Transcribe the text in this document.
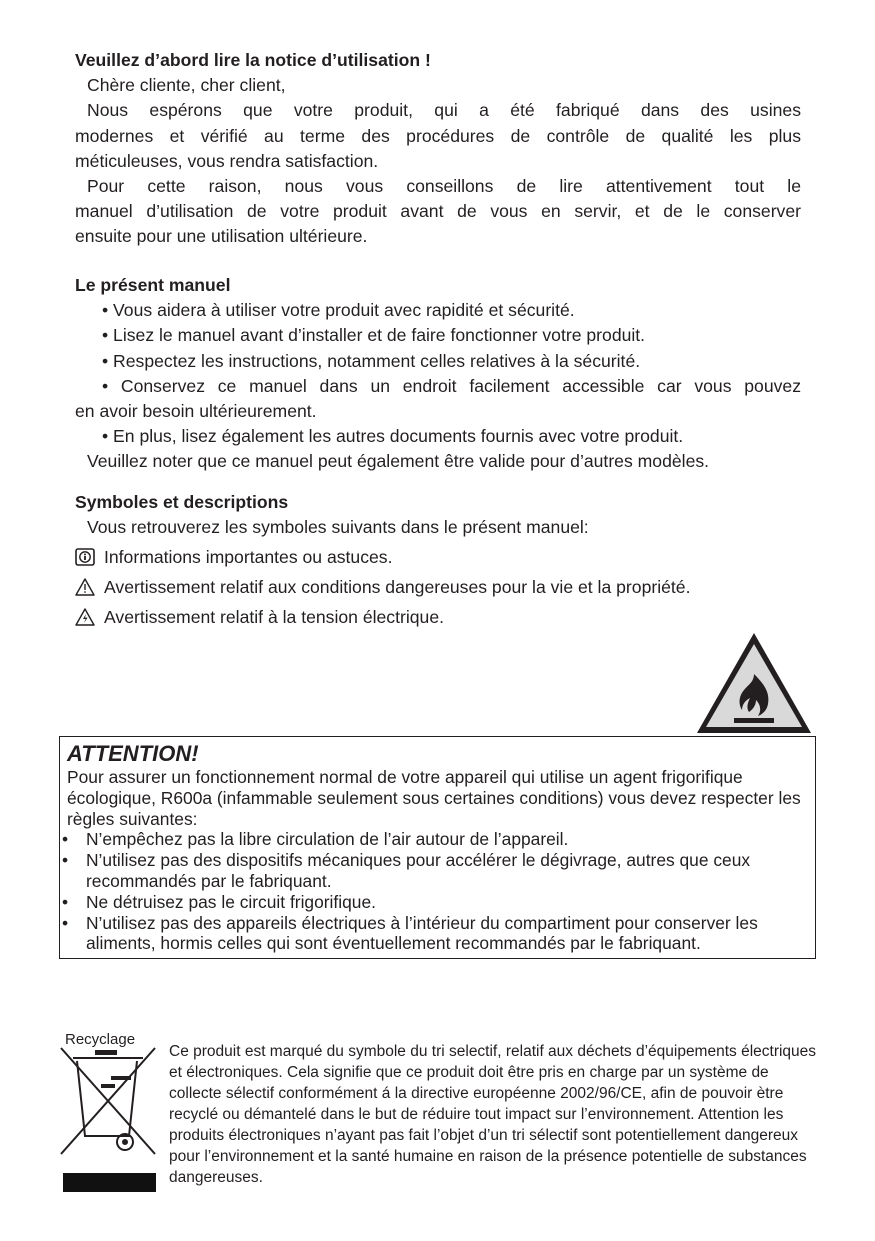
Veuillez d’abord lire la notice d’utilisation !
Chère cliente, cher client,
Nous espérons que votre produit, qui a été fabriqué dans des usines
modernes et vérifié au terme des procédures de contrôle de qualité les plus
méticuleuses, vous rendra satisfaction.
Pour cette raison, nous vous conseillons de lire attentivement tout le
manuel d’utilisation de votre produit avant de vous en servir, et de le conserver
ensuite pour une utilisation ultérieure.
Le présent manuel
• Vous aidera à utiliser votre produit avec rapidité et sécurité.
• Lisez le manuel avant d’installer et de faire fonctionner votre produit.
• Respectez les instructions, notamment celles relatives à la sécurité.
• Conservez ce manuel dans un endroit facilement accessible car vous pouvez
en avoir besoin ultérieurement.
• En plus, lisez également les autres documents fournis avec votre produit.
Veuillez noter que ce manuel peut également être valide pour d’autres modèles.
Symboles et descriptions
Vous retrouverez les symboles suivants dans le présent manuel:
Informations importantes ou astuces.
Avertissement relatif aux conditions dangereuses pour la vie et la propriété.
Avertissement relatif à la tension électrique.
ATTENTION!

Pour assurer un fonctionnement normal de votre appareil qui utilise un agent frigorifique écologique, R600a (infammable seulement sous certaines conditions) vous devez respecter les règles suivantes:

• N’empêchez pas la libre circulation de l’air autour de l’appareil.
• N’utilisez pas des dispositifs mécaniques pour accélérer le dégivrage, autres que ceux recommandés par le fabriquant.
• Ne détruisez pas le circuit frigorifique.
• N’utilisez pas des appareils électriques à l’intérieur du compartiment pour conserver les aliments, hormis celles qui sont éventuellement recommandés par le fabriquant.
Recyclage

Ce produit est marqué du symbole du tri selectif, relatif aux déchets d’équipements électriques et électroniques. Cela signifie que ce produit doit être pris en charge par un système de collecte sélectif conformément á la directive européenne 2002/96/CE, afin de pouvoir ètre recyclé ou démantelé dans le but de réduire tout impact sur l’environnement. Attention les produits électroniques n’ayant pas fait l’objet d’un tri sélectif sont potentiellement dangereux pour l’environnement et la santé humaine en raison de la présence potentielle de substances dangereuses.
